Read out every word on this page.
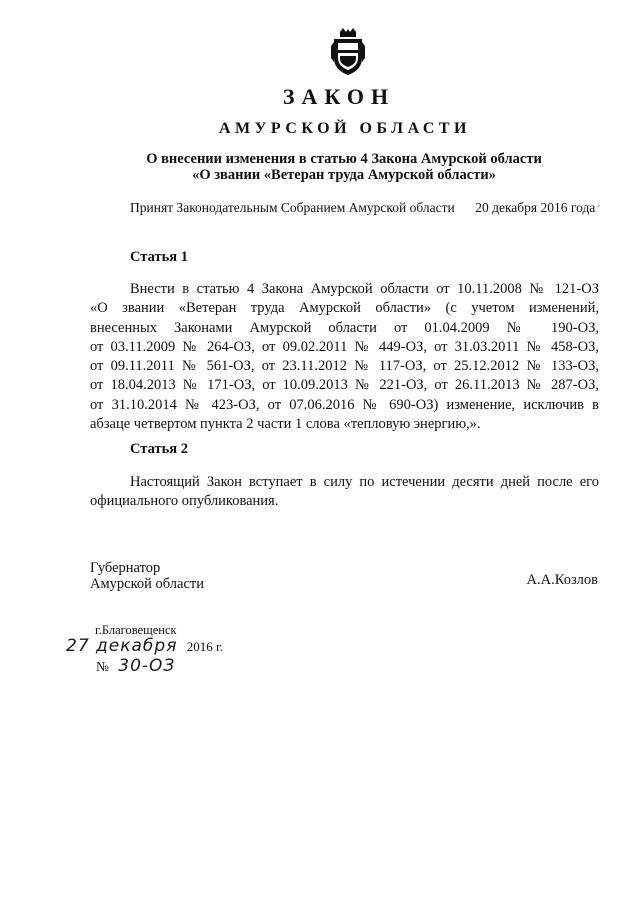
ЗАКОН
АМУРСКОЙ ОБЛАСТИ
О внесении изменения в статью 4 Закона Амурской области
«О звании «Ветеран труда Амурской области»
Принят Законодательным Собранием Амурской области 20 декабря 2016 года ʹ
Статья 1
Внести в статью 4 Закона Амурской области от 10.11.2008 № 121-ОЗ
«О звании «Ветеран труда Амурской области» (с учетом изменений,
внесенных Законами Амурской области от 01.04.2009 № 190-ОЗ,
от 03.11.2009 № 264-ОЗ, от 09.02.2011 № 449-ОЗ, от 31.03.2011 № 458-ОЗ,
от 09.11.2011 № 561-ОЗ, от 23.11.2012 № 117-ОЗ, от 25.12.2012 № 133-ОЗ,
от 18.04.2013 № 171-ОЗ, от 10.09.2013 № 221-ОЗ, от 26.11.2013 № 287-ОЗ,
от 31.10.2014 № 423-ОЗ, от 07.06.2016 № 690-ОЗ) изменение, исключив в
абзаце четвертом пункта 2 части 1 слова «тепловую энергию,».
Статья 2
Настоящий Закон вступает в силу по истечении десяти дней после его
официального опубликования.
Губернатор
Амурской области	А.А.Козлов
г.Благовещенск
27 декабря 2016 г.
№ 30-ОЗ
